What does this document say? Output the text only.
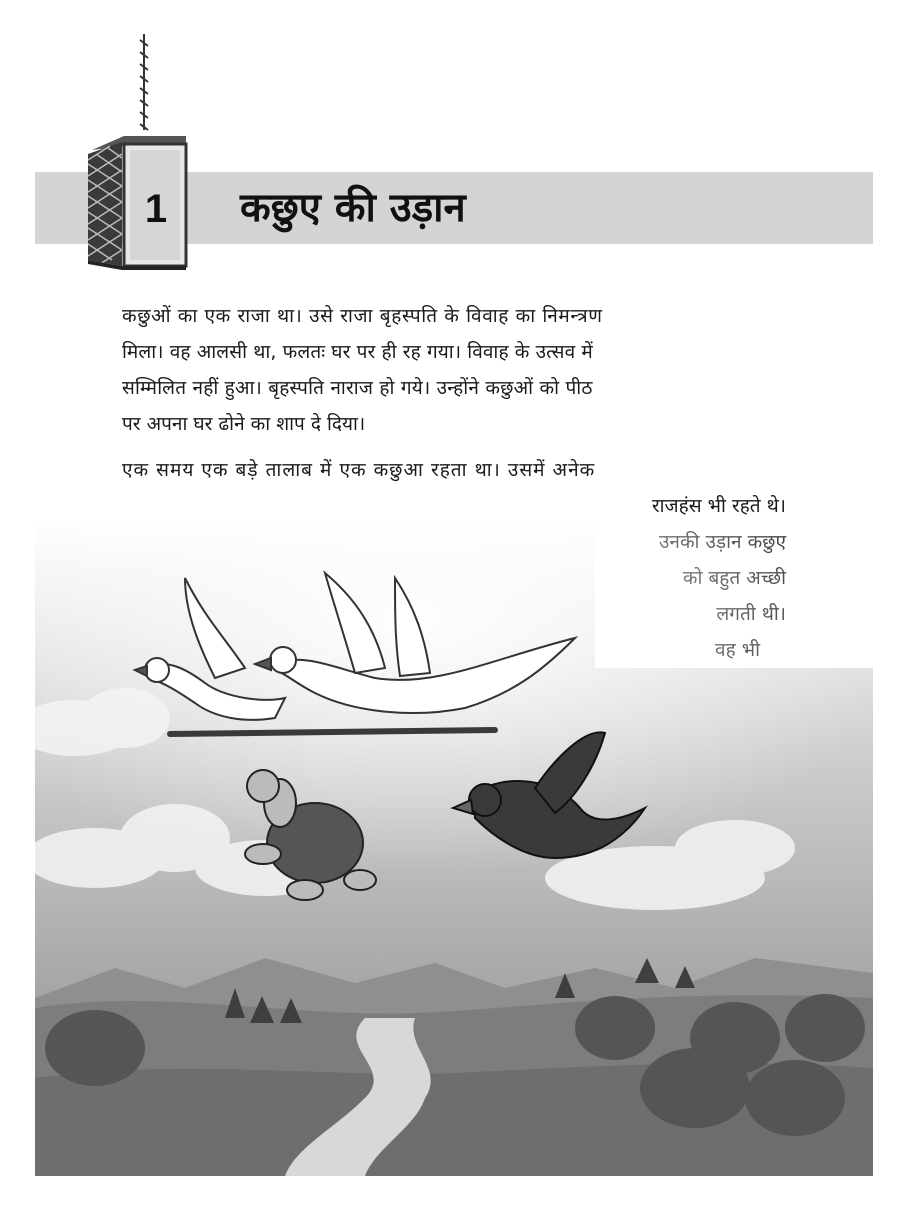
1 कछुए की उड़ान
कछुओं का एक राजा था। उसे राजा बृहस्पति के विवाह का निमन्त्रण
मिला। वह आलसी था, फलतः घर पर ही रह गया। विवाह के उत्सव में
सम्मिलित नहीं हुआ। बृहस्पति नाराज हो गये। उन्होंने कछुओं को पीठ
पर अपना घर ढोने का शाप दे दिया।
एक समय एक बड़े तालाब में एक कछुआ रहता था। उसमें अनेक
राजहंस भी रहते थे।
